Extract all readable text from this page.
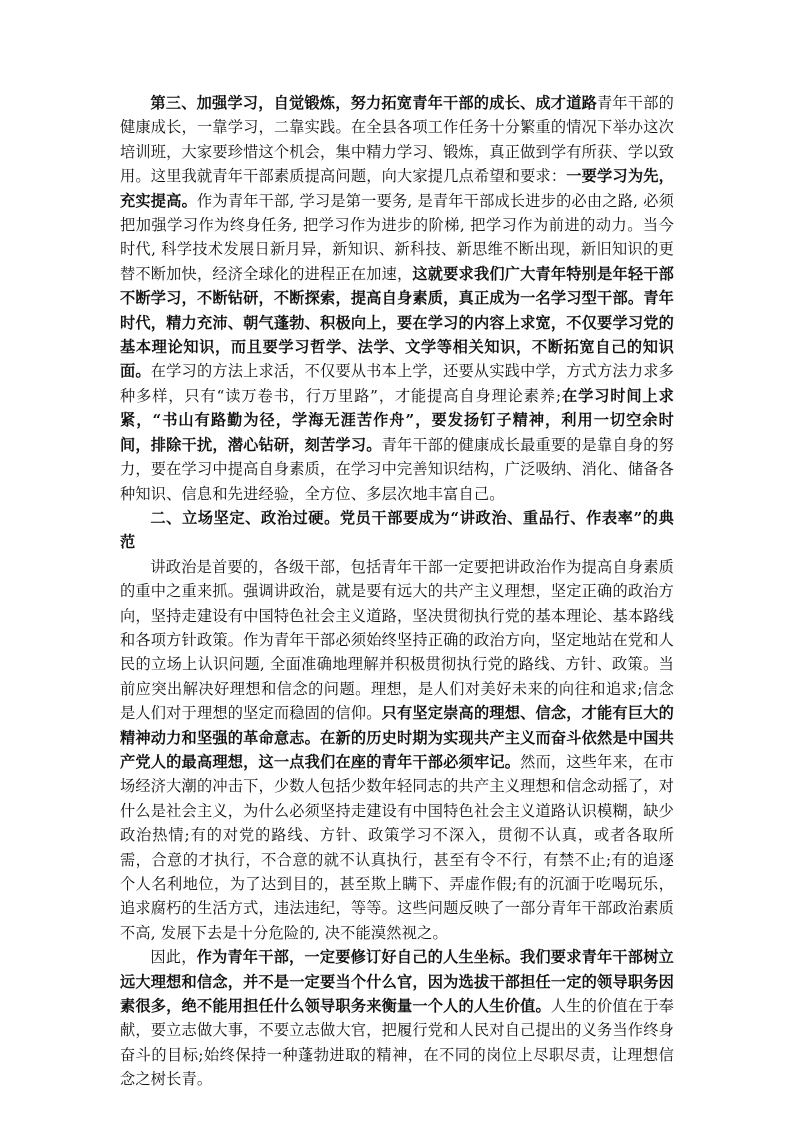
第三、加强学习，自觉锻炼，努力拓宽青年干部的成长、成才道路青年干部的健康成长，一靠学习，二靠实践。在全县各项工作任务十分繁重的情况下举办这次培训班，大家要珍惜这个机会，集中精力学习、锻炼，真正做到学有所获、学以致用。这里我就青年干部素质提高问题，向大家提几点希望和要求：一要学习为先，充实提高。作为青年干部, 学习是第一要务, 是青年干部成长进步的必由之路, 必须把加强学习作为终身任务, 把学习作为进步的阶梯, 把学习作为前进的动力。当今时代, 科学技术发展日新月异，新知识、新科技、新思维不断出现，新旧知识的更替不断加快，经济全球化的进程正在加速，这就要求我们广大青年特别是年轻干部不断学习，不断钻研，不断探索，提高自身素质，真正成为一名学习型干部。青年时代，精力充沛、朝气蓬勃、积极向上，要在学习的内容上求宽，不仅要学习党的基本理论知识，而且要学习哲学、法学、文学等相关知识，不断拓宽自己的知识面。在学习的方法上求活，不仅要从书本上学，还要从实践中学，方式方法力求多种多样，只有“读万卷书，行万里路”，才能提高自身理论素养;在学习时间上求紧，“书山有路勤为径，学海无涯苦作舟”，要发扬钉子精神，利用一切空余时间，排除干扰，潜心钻研，刻苦学习。青年干部的健康成长最重要的是靠自身的努力，要在学习中提高自身素质，在学习中完善知识结构，广泛吸纳、消化、储备各种知识、信息和先进经验，全方位、多层次地丰富自己。

二、立场坚定、政治过硬。党员干部要成为“讲政治、重品行、作表率”的典范

讲政治是首要的，各级干部，包括青年干部一定要把讲政治作为提高自身素质的重中之重来抓。强调讲政治，就是要有远大的共产主义理想，坚定正确的政治方向，坚持走建设有中国特色社会主义道路，坚决贯彻执行党的基本理论、基本路线和各项方针政策。作为青年干部必须始终坚持正确的政治方向，坚定地站在党和人民的立场上认识问题, 全面准确地理解并积极贯彻执行党的路线、方针、政策。当前应突出解决好理想和信念的问题。理想，是人们对美好未来的向往和追求;信念是人们对于理想的坚定而稳固的信仰。只有坚定崇高的理想、信念，才能有巨大的精神动力和坚强的革命意志。在新的历史时期为实现共产主义而奋斗依然是中国共产党人的最高理想，这一点我们在座的青年干部必须牢记。然而，这些年来，在市场经济大潮的冲击下，少数人包括少数年轻同志的共产主义理想和信念动摇了，对什么是社会主义，为什么必须坚持走建设有中国特色社会主义道路认识模糊，缺少政治热情;有的对党的路线、方针、政策学习不深入，贯彻不认真，或者各取所需，合意的才执行，不合意的就不认真执行，甚至有令不行，有禁不止;有的追逐个人名利地位，为了达到目的，甚至欺上瞒下、弄虚作假;有的沉湎于吃喝玩乐，追求腐朽的生活方式，违法违纪，等等。这些问题反映了一部分青年干部政治素质不高, 发展下去是十分危险的, 决不能漠然视之。

因此，作为青年干部，一定要修订好自己的人生坐标。我们要求青年干部树立远大理想和信念，并不是一定要当个什么官，因为选拔干部担任一定的领导职务因素很多，绝不能用担任什么领导职务来衡量一个人的人生价值。人生的价值在于奉献，要立志做大事，不要立志做大官，把履行党和人民对自己提出的义务当作终身奋斗的目标;始终保持一种蓬勃进取的精神，在不同的岗位上尽职尽责，让理想信念之树长青。
